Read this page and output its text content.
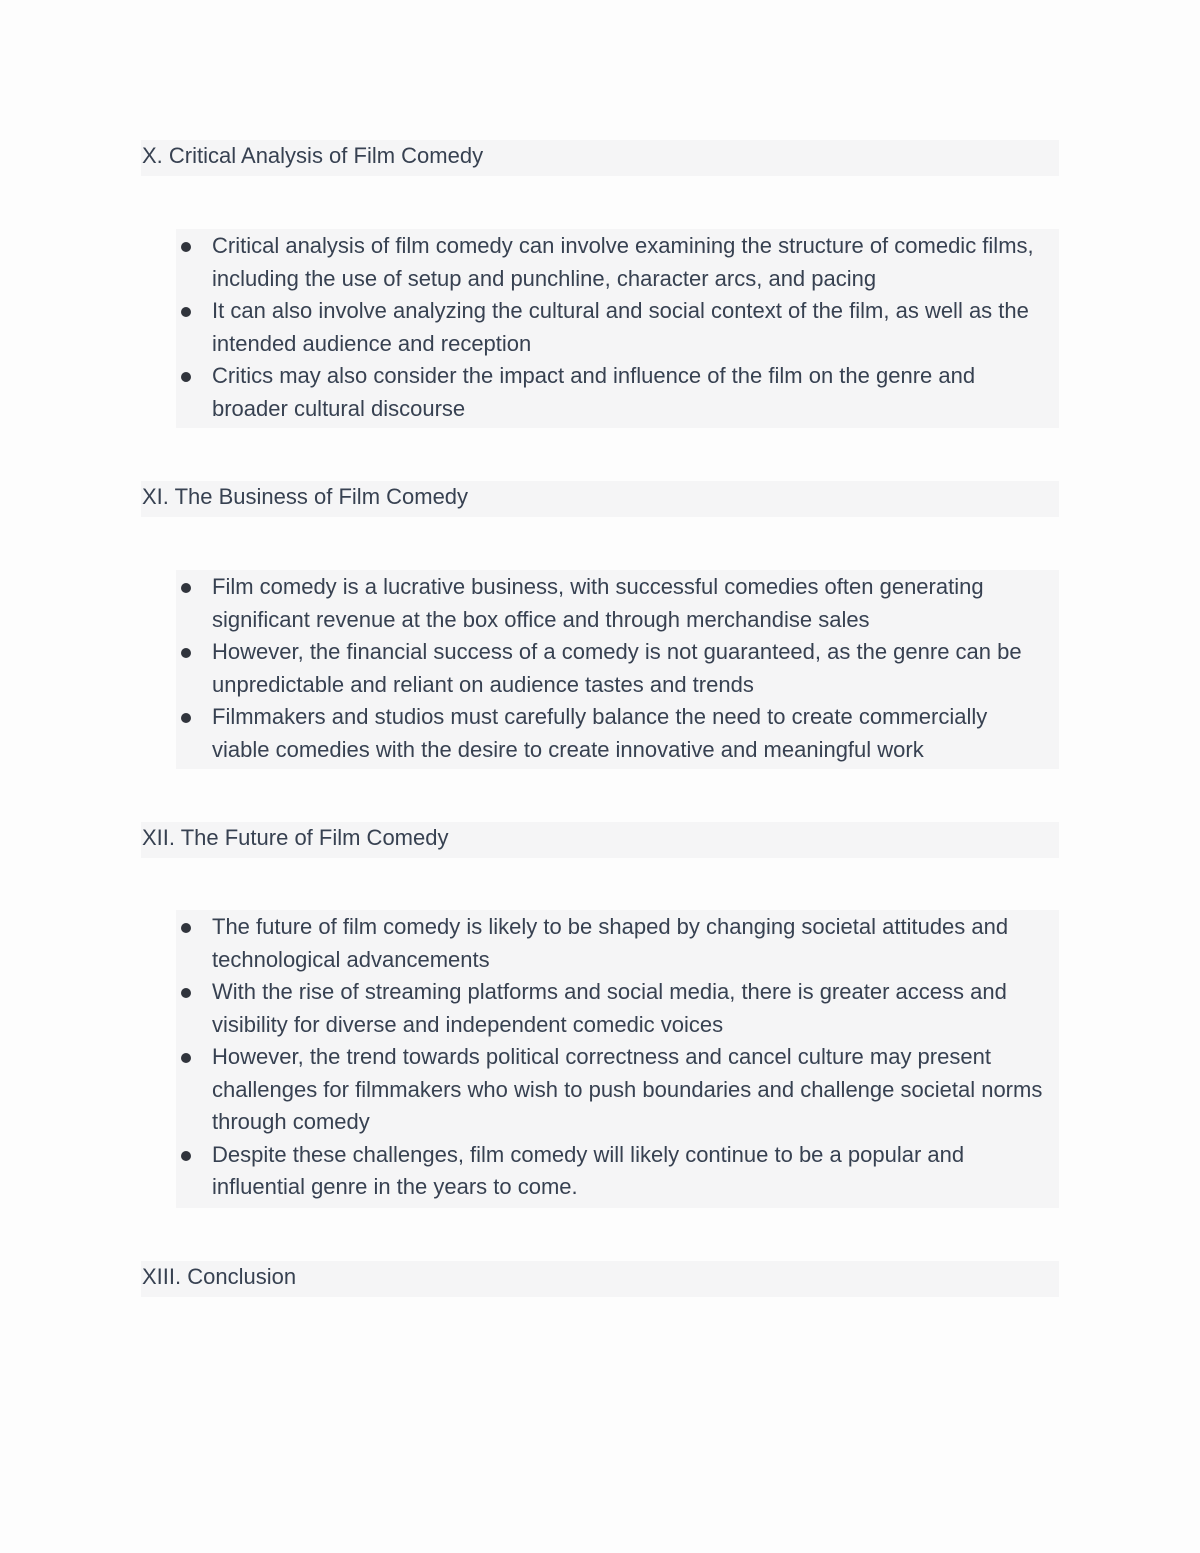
X. Critical Analysis of Film Comedy
Critical analysis of film comedy can involve examining the structure of comedic films, including the use of setup and punchline, character arcs, and pacing
It can also involve analyzing the cultural and social context of the film, as well as the intended audience and reception
Critics may also consider the impact and influence of the film on the genre and broader cultural discourse
XI. The Business of Film Comedy
Film comedy is a lucrative business, with successful comedies often generating significant revenue at the box office and through merchandise sales
However, the financial success of a comedy is not guaranteed, as the genre can be unpredictable and reliant on audience tastes and trends
Filmmakers and studios must carefully balance the need to create commercially viable comedies with the desire to create innovative and meaningful work
XII. The Future of Film Comedy
The future of film comedy is likely to be shaped by changing societal attitudes and technological advancements
With the rise of streaming platforms and social media, there is greater access and visibility for diverse and independent comedic voices
However, the trend towards political correctness and cancel culture may present challenges for filmmakers who wish to push boundaries and challenge societal norms through comedy
Despite these challenges, film comedy will likely continue to be a popular and influential genre in the years to come.
XIII. Conclusion
